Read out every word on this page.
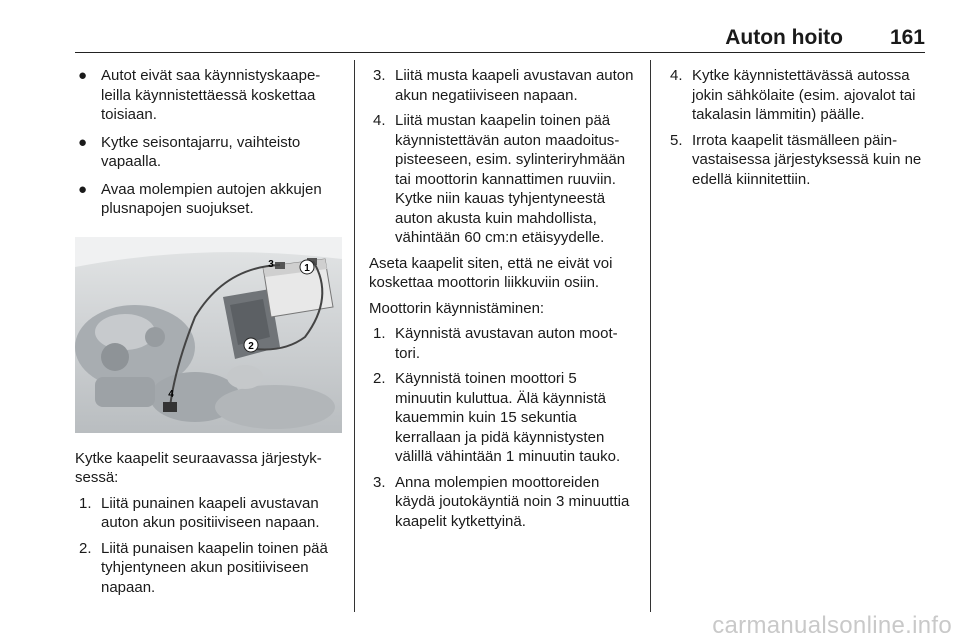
Auton hoito 161
● Autot eivät saa käynnistyskaapeleilla käynnistettäessä koskettaa toisiaan.
● Kytke seisontajarru, vaihteisto vapaalla.
● Avaa molempien autojen akkujen plusnapojen suojukset.
1
2
3
4

Kytke kaapelit seuraavassa järjestyksessä:

1. Liitä punainen kaapeli avustavan auton akun positiiviseen napaan.
2. Liitä punaisen kaapelin toinen pää tyhjentyneen akun positiiviseen napaan.
3. Liitä musta kaapeli avustavan auton akun negatiiviseen napaan.
4. Liitä mustan kaapelin toinen pää käynnistettävän auton maadoituspisteeseen, esim. sylinteriryhmään tai moottorin kannattimen ruuviin. Kytke niin kauas tyhjentyneestä auton akusta kuin mahdollista, vähintään 60 cm:n etäisyydelle.

Aseta kaapelit siten, että ne eivät voi koskettaa moottorin liikkuviin osiin.

Moottorin käynnistäminen:

1. Käynnistä avustavan auton moottori.
2. Käynnistä toinen moottori 5 minuutin kuluttua. Älä käynnistä kauemmin kuin 15 sekuntia kerrallaan ja pidä käynnistysten välillä vähintään 1 minuutin tauko.
3. Anna molempien moottoreiden käydä joutokäyntiä noin 3 minuuttia kaapelit kytkettyinä.
4. Kytke käynnistettävässä autossa jokin sähkölaite (esim. ajovalot tai takalasin lämmitin) päälle.
5. Irrota kaapelit täsmälleen päinvastaisessa järjestyksessä kuin ne edellä kiinnitettiin.
carmanualsonline.info
